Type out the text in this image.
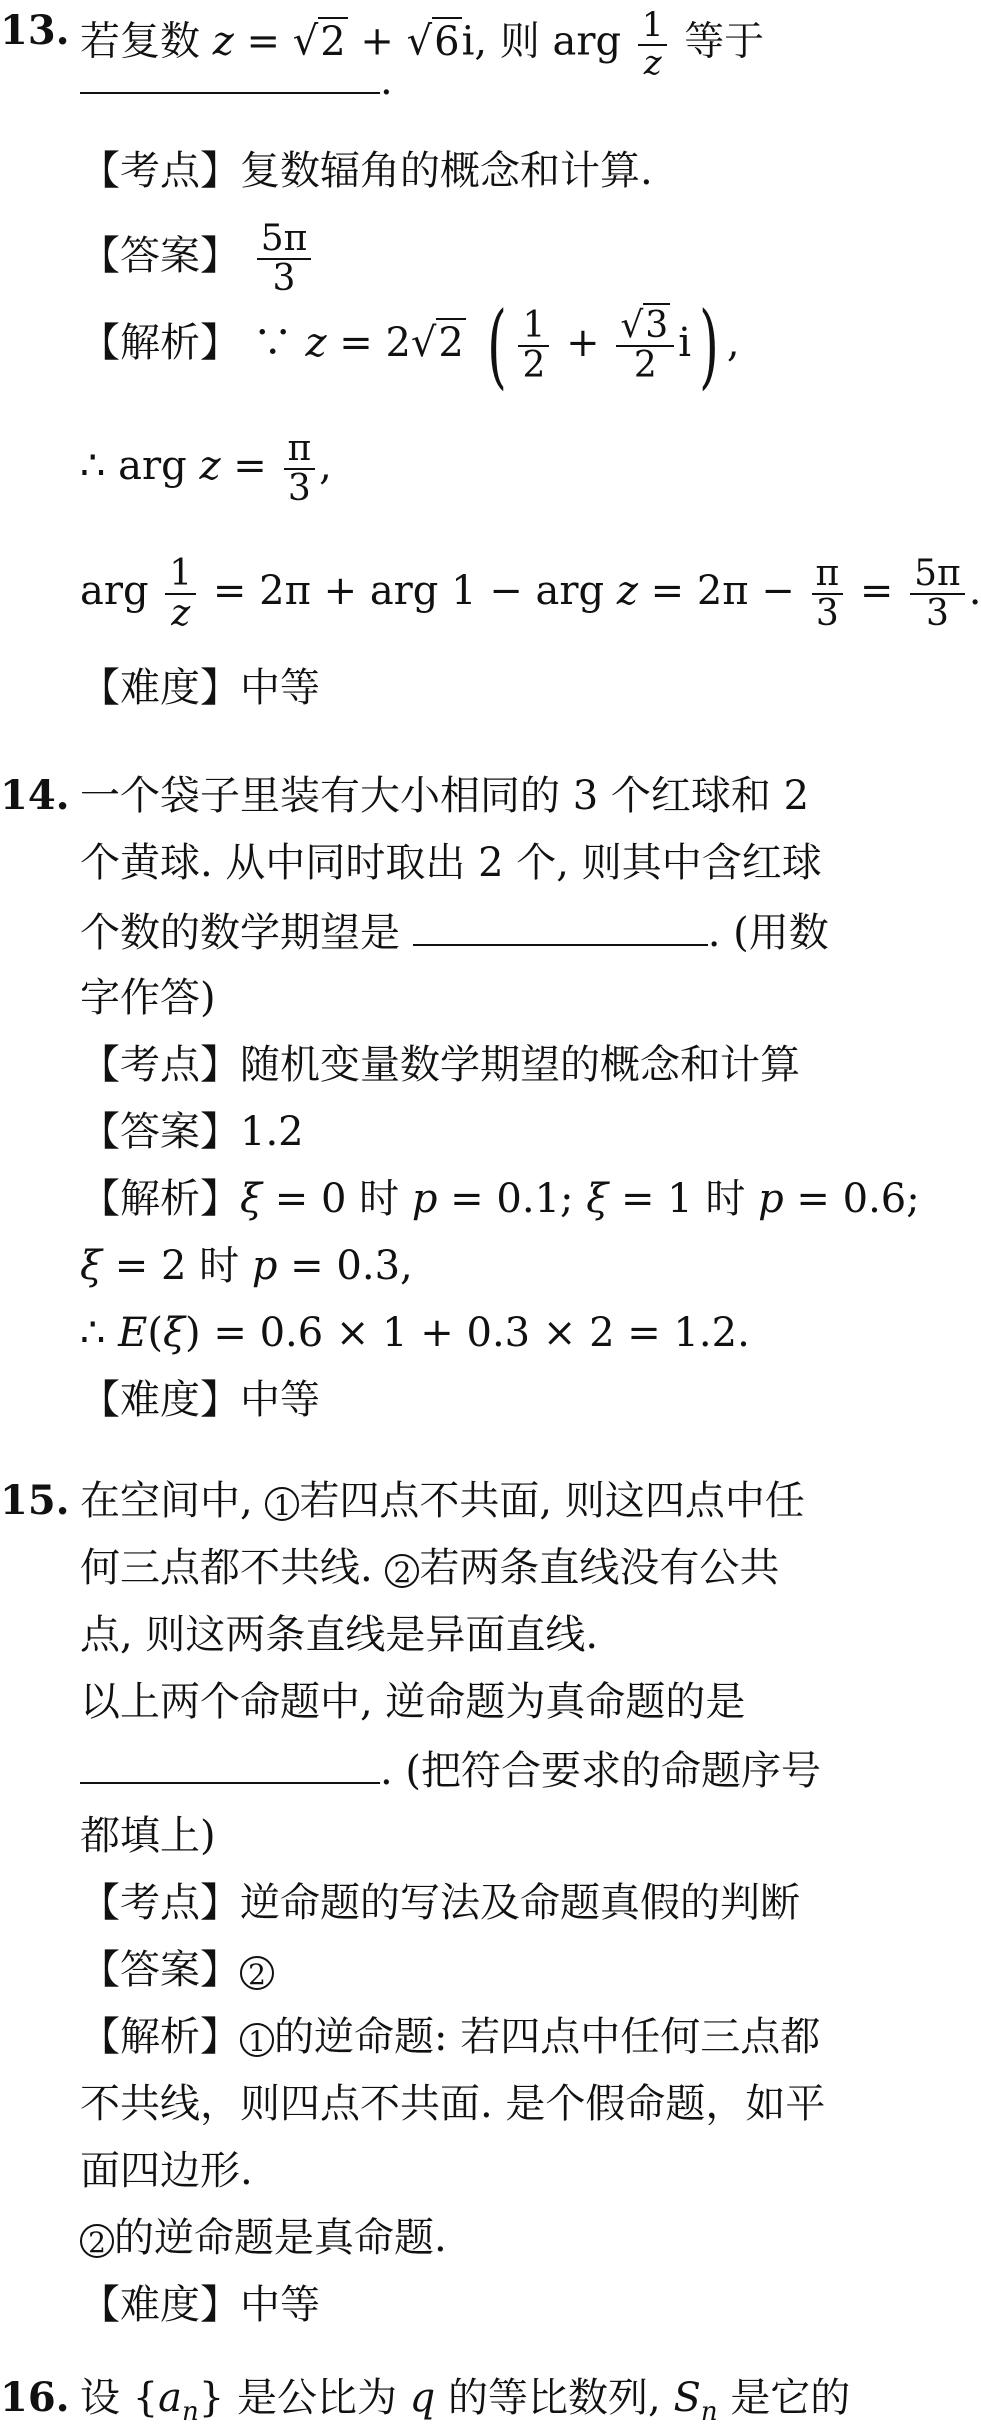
13. 若复数 z = √2 + √6i, 则 arg $\frac{1}{z}$ 等于
.
【考点】复数辐角的概念和计算.
【答案】 $\frac{5\pi}{3}$
【解析】 ∵ z = 2√2 ( $\frac{1}{2} + \frac{√3}{2} i$) ,
∴ arg $z = \frac{\pi}{3}$ ,
arg $\frac{1}{z} = 2\pi$ + arg 1 − arg $z = 2\pi - \frac{\pi}{3} = \frac{5\pi}{3}$ .
【难度】中等
14. 一个袋子里装有大小相同的 3 个红球和 2
个黄球. 从中同时取出 2 个, 则其中含红球
个数的数学期望是	. (用数
字作答)
【考点】随机变量数学期望的概念和计算
【答案】1.2
【解析】ξ = 0 时 p = 0.1; ξ = 1 时 p = 0.6;
ξ = 2 时 p = 0.3,
∴ E(ξ) = 0.6 × 1 + 0.3 × 2 = 1.2.
【难度】中等
15. 在空间中, 1 若四点不共面, 则这四点中任
何三点都不共线. 2 若两条直线没有公共
点, 则这两条直线是异面直线.
以上两个命题中, 逆命题为真命题的是
. (把符合要求的命题序号
都填上)
【考点】逆命题的写法及命题真假的判断
【答案】 2
【解析】 1 的逆命题: 若四点中任何三点都
不共线，则四点不共面. 是个假命题，如平
面四边形.
2 的逆命题是真命题.
【难度】中等
16. 设 $\{a_n\}$ 是公比为 q 的等比数列, $S_n$ 是它的
